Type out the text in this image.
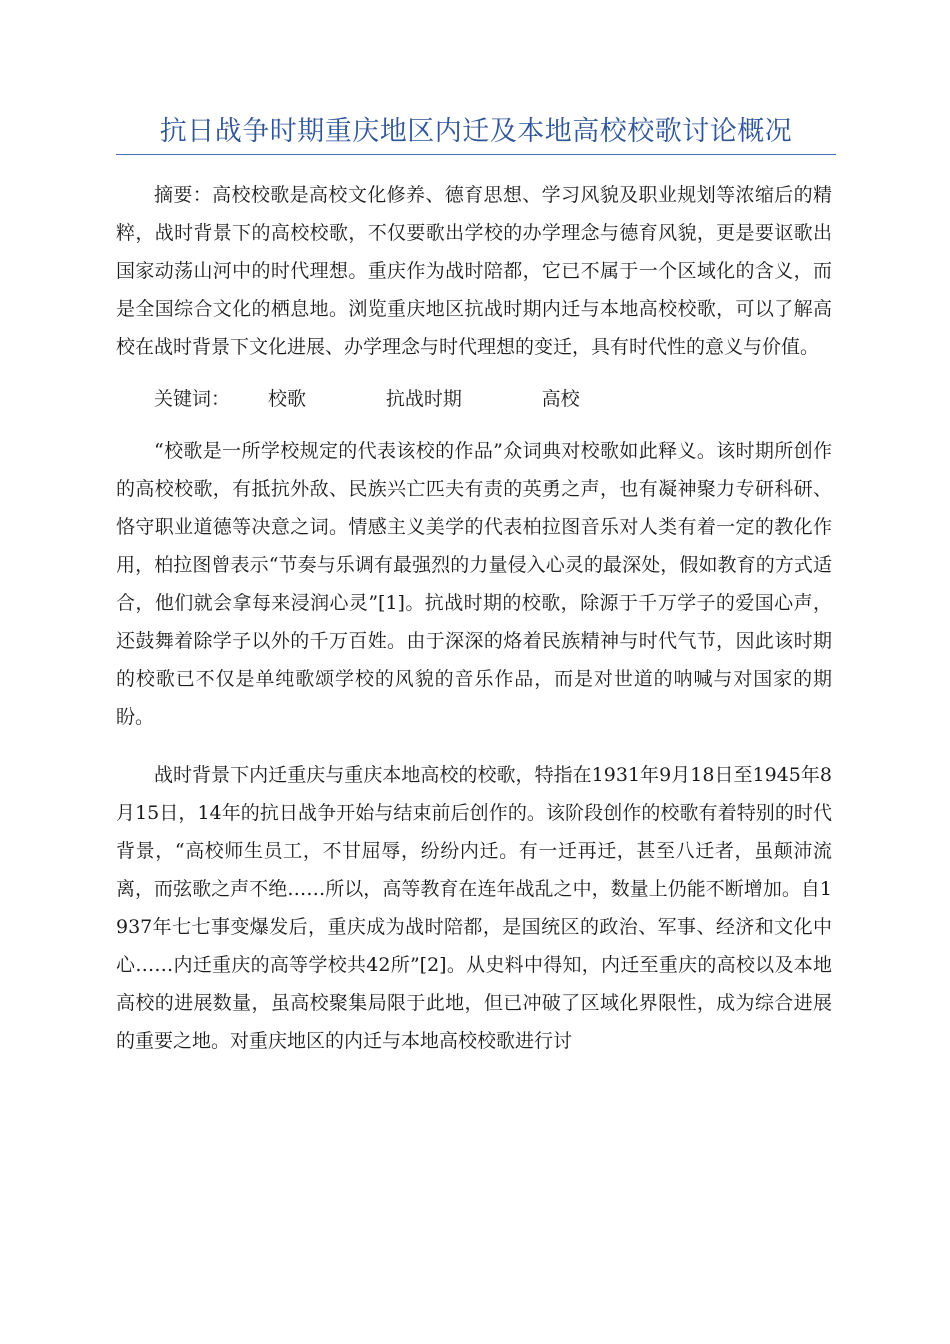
抗日战争时期重庆地区内迁及本地高校校歌讨论概况

摘要：高校校歌是高校文化修养、德育思想、学习风貌及职业规划等浓缩后的精粹，战时背景下的高校校歌，不仅要歌出学校的办学理念与德育风貌，更是要讴歌出国家动荡山河中的时代理想。重庆作为战时陪都，它已不属于一个区域化的含义，而是全国综合文化的栖息地。浏览重庆地区抗战时期内迁与本地高校校歌，可以了解高校在战时背景下文化进展、办学理念与时代理想的变迁，具有时代性的意义与价值。

关键词： 校歌	抗战时期	高校

“校歌是一所学校规定的代表该校的作品”众词典对校歌如此释义。该时期所创作的高校校歌，有抵抗外敌、民族兴亡匹夫有责的英勇之声，也有凝神聚力专研科研、恪守职业道德等决意之词。情感主义美学的代表柏拉图音乐对人类有着一定的教化作用，柏拉图曾表示“节奏与乐调有最强烈的力量侵入心灵的最深处，假如教育的方式适合，他们就会拿每来浸润心灵”[1]。抗战时期的校歌，除源于千万学子的爱国心声，还鼓舞着除学子以外的千万百姓。由于深深的烙着民族精神与时代气节，因此该时期的校歌已不仅是单纯歌颂学校的风貌的音乐作品，而是对世道的呐喊与对国家的期盼。

战时背景下内迁重庆与重庆本地高校的校歌，特指在1931年9月18日至1945年8月15日，14年的抗日战争开始与结束前后创作的。该阶段创作的校歌有着特别的时代背景，“高校师生员工，不甘屈辱，纷纷内迁。有一迁再迁，甚至八迁者，虽颠沛流离，而弦歌之声不绝……所以，高等教育在连年战乱之中，数量上仍能不断增加。自1937年七七事变爆发后，重庆成为战时陪都，是国统区的政治、军事、经济和文化中心……内迁重庆的高等学校共42所”[2]。从史料中得知，内迁至重庆的高校以及本地高校的进展数量，虽高校聚集局限于此地，但已冲破了区域化界限性，成为综合进展的重要之地。对重庆地区的内迁与本地高校校歌进行讨
